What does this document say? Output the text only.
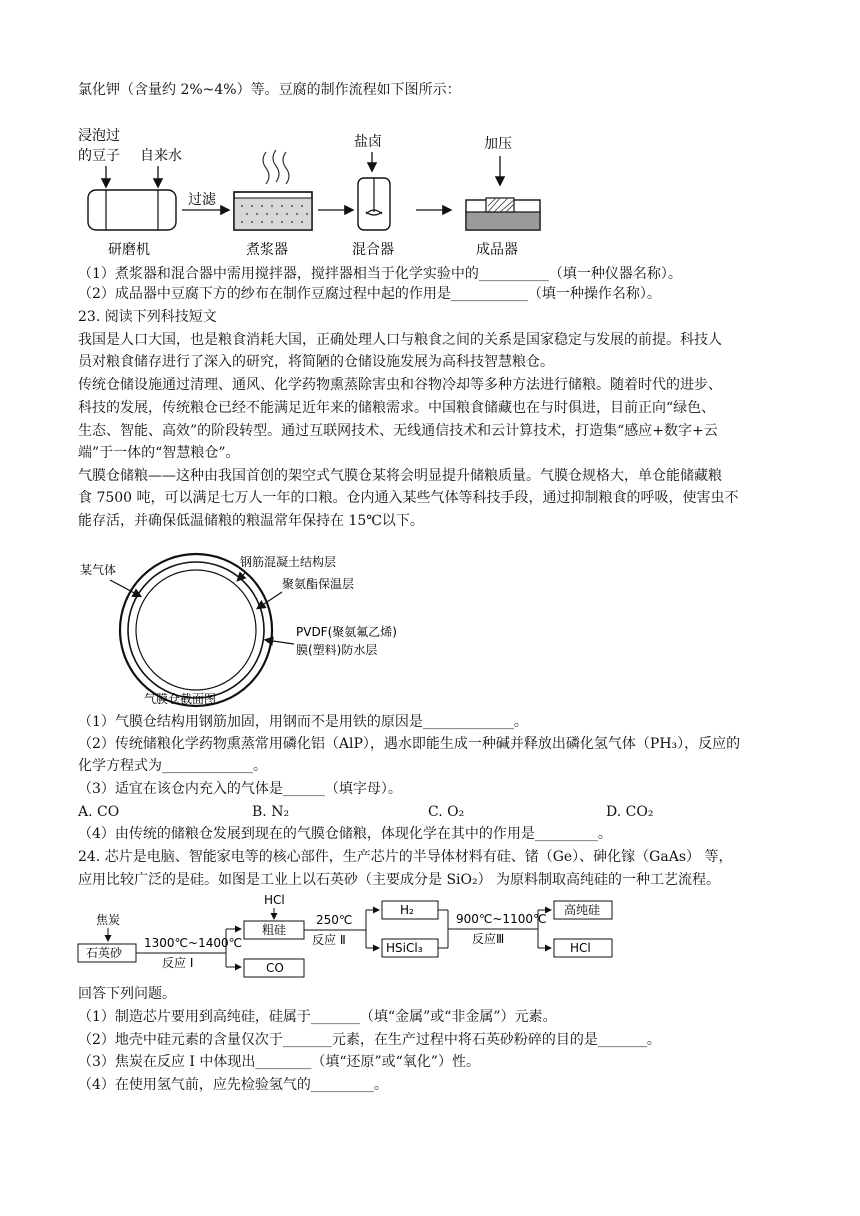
氯化钾（含量约 2%~4%）等。豆腐的制作流程如下图所示：
浸泡过
的豆子 自来水
研磨机
过滤
煮浆器
盐卤
混合器
加压
成品器
（1）煮浆器和混合器中需用搅拌器，搅拌器相当于化学实验中的__________（填一种仪器名称）。
（2）成品器中豆腐下方的纱布在制作豆腐过程中起的作用是___________（填一种操作名称）。
23. 阅读下列科技短文
我国是人口大国，也是粮食消耗大国，正确处理人口与粮食之间的关系是国家稳定与发展的前提。科技人
员对粮食储存进行了深入的研究，将简陋的仓储设施发展为高科技智慧粮仓。
传统仓储设施通过清理、通风、化学药物熏蒸除害虫和谷物冷却等多种方法进行储粮。随着时代的进步、
科技的发展，传统粮仓已经不能满足近年来的储粮需求。中国粮食储藏也在与时俱进，目前正向“绿色、
生态、智能、高效”的阶段转型。通过互联网技术、无线通信技术和云计算技术，打造集“感应+数字+云
端”于一体的“智慧粮仓”。
气膜仓储粮——这种由我国首创的架空式气膜仓某将会明显提升储粮质量。气膜仓规格大，单仓能储藏粮
食 7500 吨，可以满足七万人一年的口粮。仓内通入某些气体等科技手段，通过抑制粮食的呼吸，使害虫不
能存活，并确保低温储粮的粮温常年保持在 15℃以下。
某气体
钢筋混凝土结构层
聚氨酯保温层
PVDF(聚氨氟乙烯)
膜(塑料)防水层
气膜仓截面图
（1）气膜仓结构用钢筋加固，用钢而不是用铁的原因是_____________。
（2）传统储粮化学药物熏蒸常用磷化铝（AlP），遇水即能生成一种碱并释放出磷化氢气体（PH₃），反应的
化学方程式为_____________。
（3）适宜在该仓内充入的气体是______（填字母）。
A. CO	B. N₂	C. O₂	D. CO₂
（4）由传统的储粮仓发展到现在的气膜仓储粮，体现化学在其中的作用是_________。
24. 芯片是电脑、智能家电等的核心部件，生产芯片的半导体材料有硅、锗（Ge）、砷化镓（GaAs） 等，
应用比较广泛的是硅。如图是工业上以石英砂（主要成分是 SiO₂） 为原料制取高纯硅的一种工艺流程。
焦炭
石英砂
1300℃~1400℃
反应 Ⅰ
HCl
粗硅
CO
250℃
反应 Ⅱ
H₂
HSiCl₃
900℃~1100℃
反应Ⅲ
高纯硅
HCl
回答下列问题。
（1）制造芯片要用到高纯硅，硅属于_______（填“金属”或“非金属”）元素。
（2）地壳中硅元素的含量仅次于_______元素，在生产过程中将石英砂粉碎的目的是_______。
（3）焦炭在反应 I 中体现出________（填“还原”或“氧化”）性。
（4）在使用氢气前，应先检验氢气的_________。
